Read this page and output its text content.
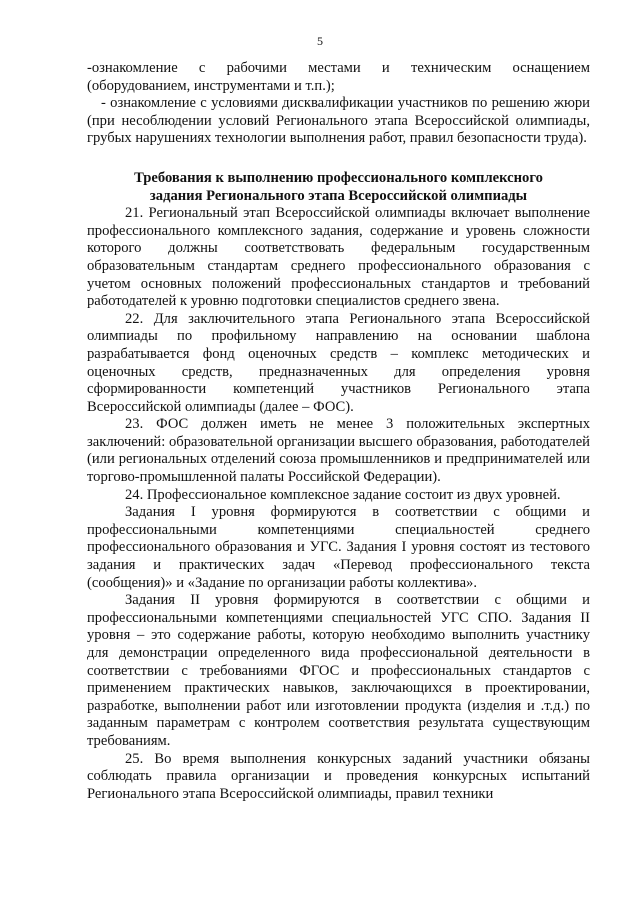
5

-ознакомление с рабочими местами и техническим оснащением (оборудованием, инструментами и т.п.);

- ознакомление с условиями дисквалификации участников по решению жюри (при несоблюдении условий Регионального этапа Всероссийской олимпиады, грубых нарушениях технологии выполнения работ, правил безопасности труда).

Требования к выполнению профессионального комплексного
задания Регионального этапа Всероссийской олимпиады

21. Региональный этап Всероссийской олимпиады включает выполнение профессионального комплексного задания, содержание и уровень сложности которого должны соответствовать федеральным государственным образовательным стандартам среднего профессионального образования с учетом основных положений профессиональных стандартов и требований работодателей к уровню подготовки специалистов среднего звена.

22. Для заключительного этапа Регионального этапа Всероссийской олимпиады по профильному направлению на основании шаблона разрабатывается фонд оценочных средств – комплекс методических и оценочных средств, предназначенных для определения уровня сформированности компетенций участников Регионального этапа Всероссийской олимпиады (далее – ФОС).

23. ФОС должен иметь не менее 3 положительных экспертных заключений: образовательной организации высшего образования, работодателей (или региональных отделений союза промышленников и предпринимателей или торгово-промышленной палаты Российской Федерации).

24. Профессиональное комплексное задание состоит из двух уровней.

Задания I уровня формируются в соответствии с общими и профессиональными компетенциями специальностей среднего профессионального образования и УГС. Задания I уровня состоят из тестового задания и практических задач «Перевод профессионального текста (сообщения)» и «Задание по организации работы коллектива».

Задания II уровня формируются в соответствии с общими и профессиональными компетенциями специальностей УГС СПО. Задания II уровня – это содержание работы, которую необходимо выполнить участнику для демонстрации определенного вида профессиональной деятельности в соответствии с требованиями ФГОС и профессиональных стандартов с применением практических навыков, заключающихся в проектировании, разработке, выполнении работ или изготовлении продукта (изделия и .т.д.) по заданным параметрам с контролем соответствия результата существующим требованиям.

25. Во время выполнения конкурсных заданий участники обязаны соблюдать правила организации и проведения конкурсных испытаний Регионального этапа Всероссийской олимпиады, правил техники
